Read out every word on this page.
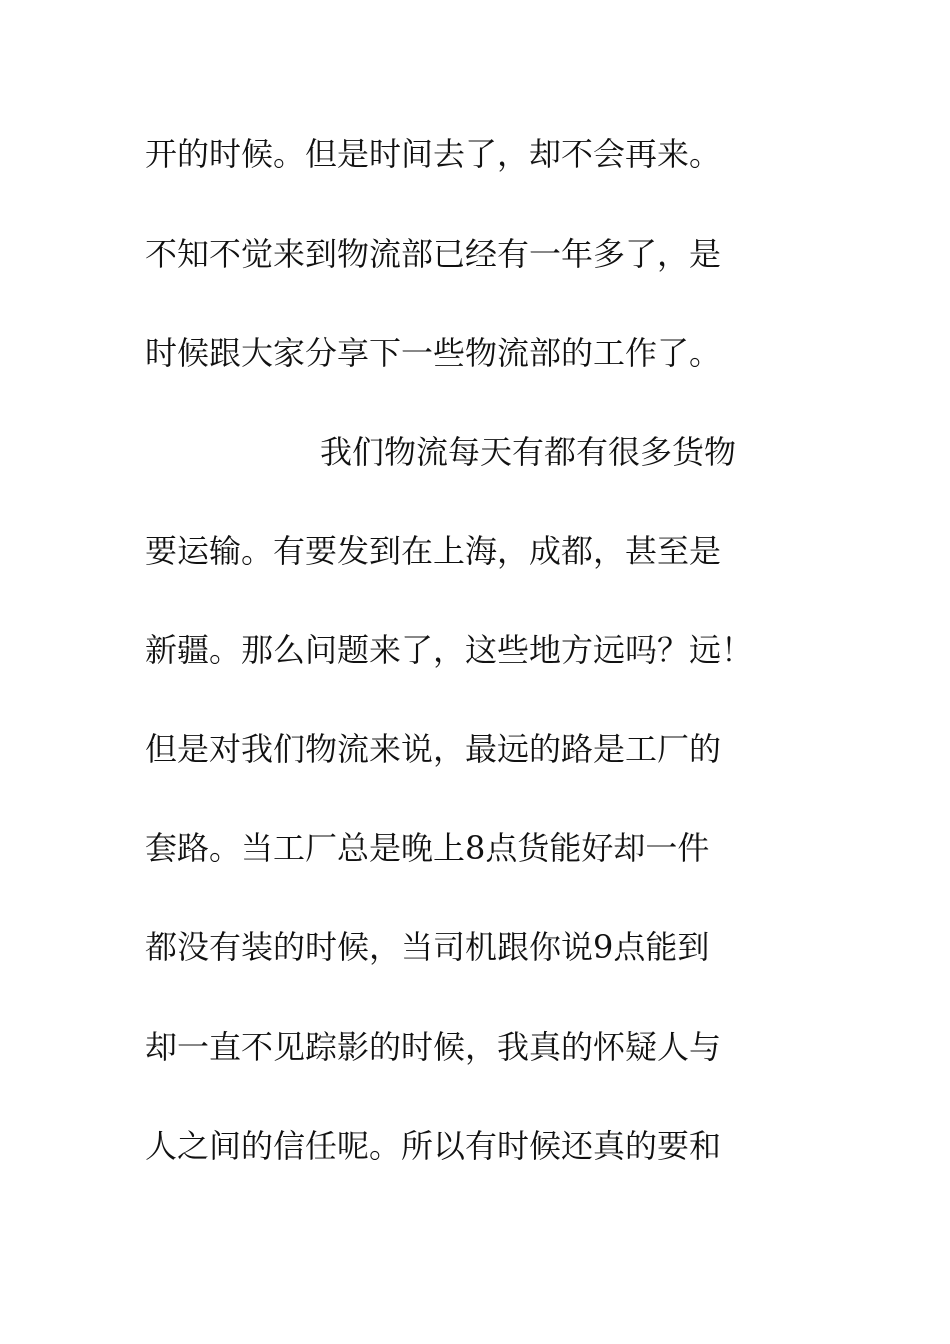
开的时候。但是时间去了，却不会再来。
不知不觉来到物流部已经有一年多了，是
时候跟大家分享下一些物流部的工作了。
我们物流每天有都有很多货物
要运输。有要发到在上海，成都，甚至是
新疆。那么问题来了，这些地方远吗？远！
但是对我们物流来说，最远的路是工厂的
套路。当工厂总是晚上8点货能好却一件
都没有装的时候，当司机跟你说9点能到
却一直不见踪影的时候，我真的怀疑人与
人之间的信任呢。所以有时候还真的要和
